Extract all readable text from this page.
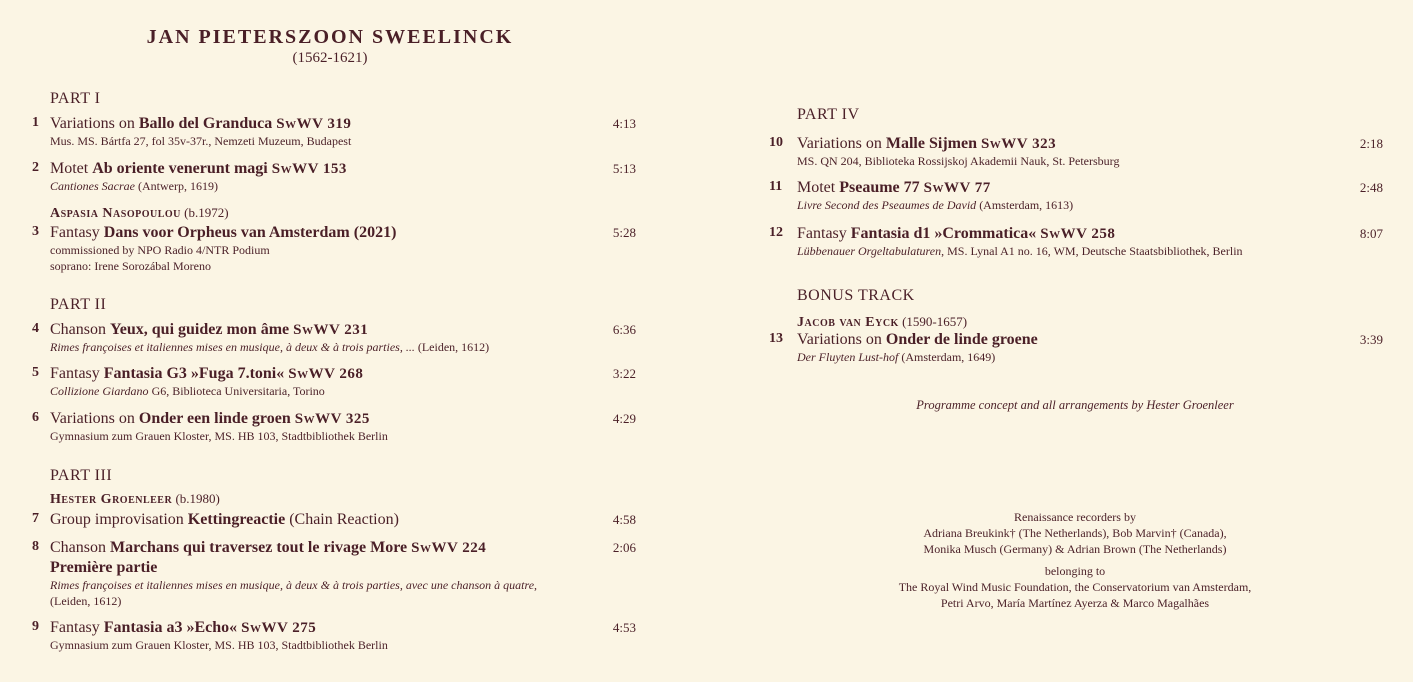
JAN PIETERSZOON SWEELINCK
(1562-1621)
PART I
1 Variations on Ballo del Granduca SwWV 319
Mus. MS. Bártfa 27, fol 35v-37r., Nemzeti Muzeum, Budapest
4:13
2 Motet Ab oriente venerunt magi SwWV 153
Cantiones Sacrae (Antwerp, 1619)
5:13
Aspasia Nasopoulou (b.1972)
3 Fantasy Dans voor Orpheus van Amsterdam (2021)
commissioned by NPO Radio 4/NTR Podium
soprano: Irene Sorozábal Moreno
5:28
PART II
4 Chanson Yeux, qui guidez mon âme SwWV 231
Rimes françoises et italiennes mises en musique, à deux & à trois parties, ... (Leiden, 1612)
6:36
5 Fantasy Fantasia G3 »Fuga 7.toni« SwWV 268
Collizione Giardano G6, Biblioteca Universitaria, Torino
3:22
6 Variations on Onder een linde groen SwWV 325
Gymnasium zum Grauen Kloster, MS. HB 103, Stadtbibliothek Berlin
4:29
PART III
Hester Groenleer (b.1980)
7 Group improvisation Kettingreactie (Chain Reaction)	4:58
8 Chanson Marchans qui traversez tout le rivage More SwWV 224
Première partie
Rimes françoises et italiennes mises en musique, à deux & à trois parties, avec une chanson à quatre,
(Leiden, 1612)
2:06
9 Fantasy Fantasia a3 »Echo« SwWV 275
Gymnasium zum Grauen Kloster, MS. HB 103, Stadtbibliothek Berlin
4:53
PART IV
10 Variations on Malle Sijmen SwWV 323
MS. QN 204, Biblioteka Rossijskoj Akademii Nauk, St. Petersburg
2:18
11 Motet Pseaume 77 SwWV 77
Livre Second des Pseaumes de David (Amsterdam, 1613)
2:48
12 Fantasy Fantasia d1 »Crommatica« SwWV 258
Lübbenauer Orgeltabulaturen, MS. Lynal A1 no. 16, WM, Deutsche Staatsbibliothek, Berlin
8:07
BONUS TRACK
Jacob van Eyck (1590-1657)
13 Variations on Onder de linde groene
Der Fluyten Lust-hof (Amsterdam, 1649)
3:39
Programme concept and all arrangements by Hester Groenleer
Renaissance recorders by
Adriana Breukink† (The Netherlands), Bob Marvin† (Canada),
Monika Musch (Germany) & Adrian Brown (The Netherlands)
belonging to
The Royal Wind Music Foundation, the Conservatorium van Amsterdam,
Petri Arvo, María Martínez Ayerza & Marco Magalhães
